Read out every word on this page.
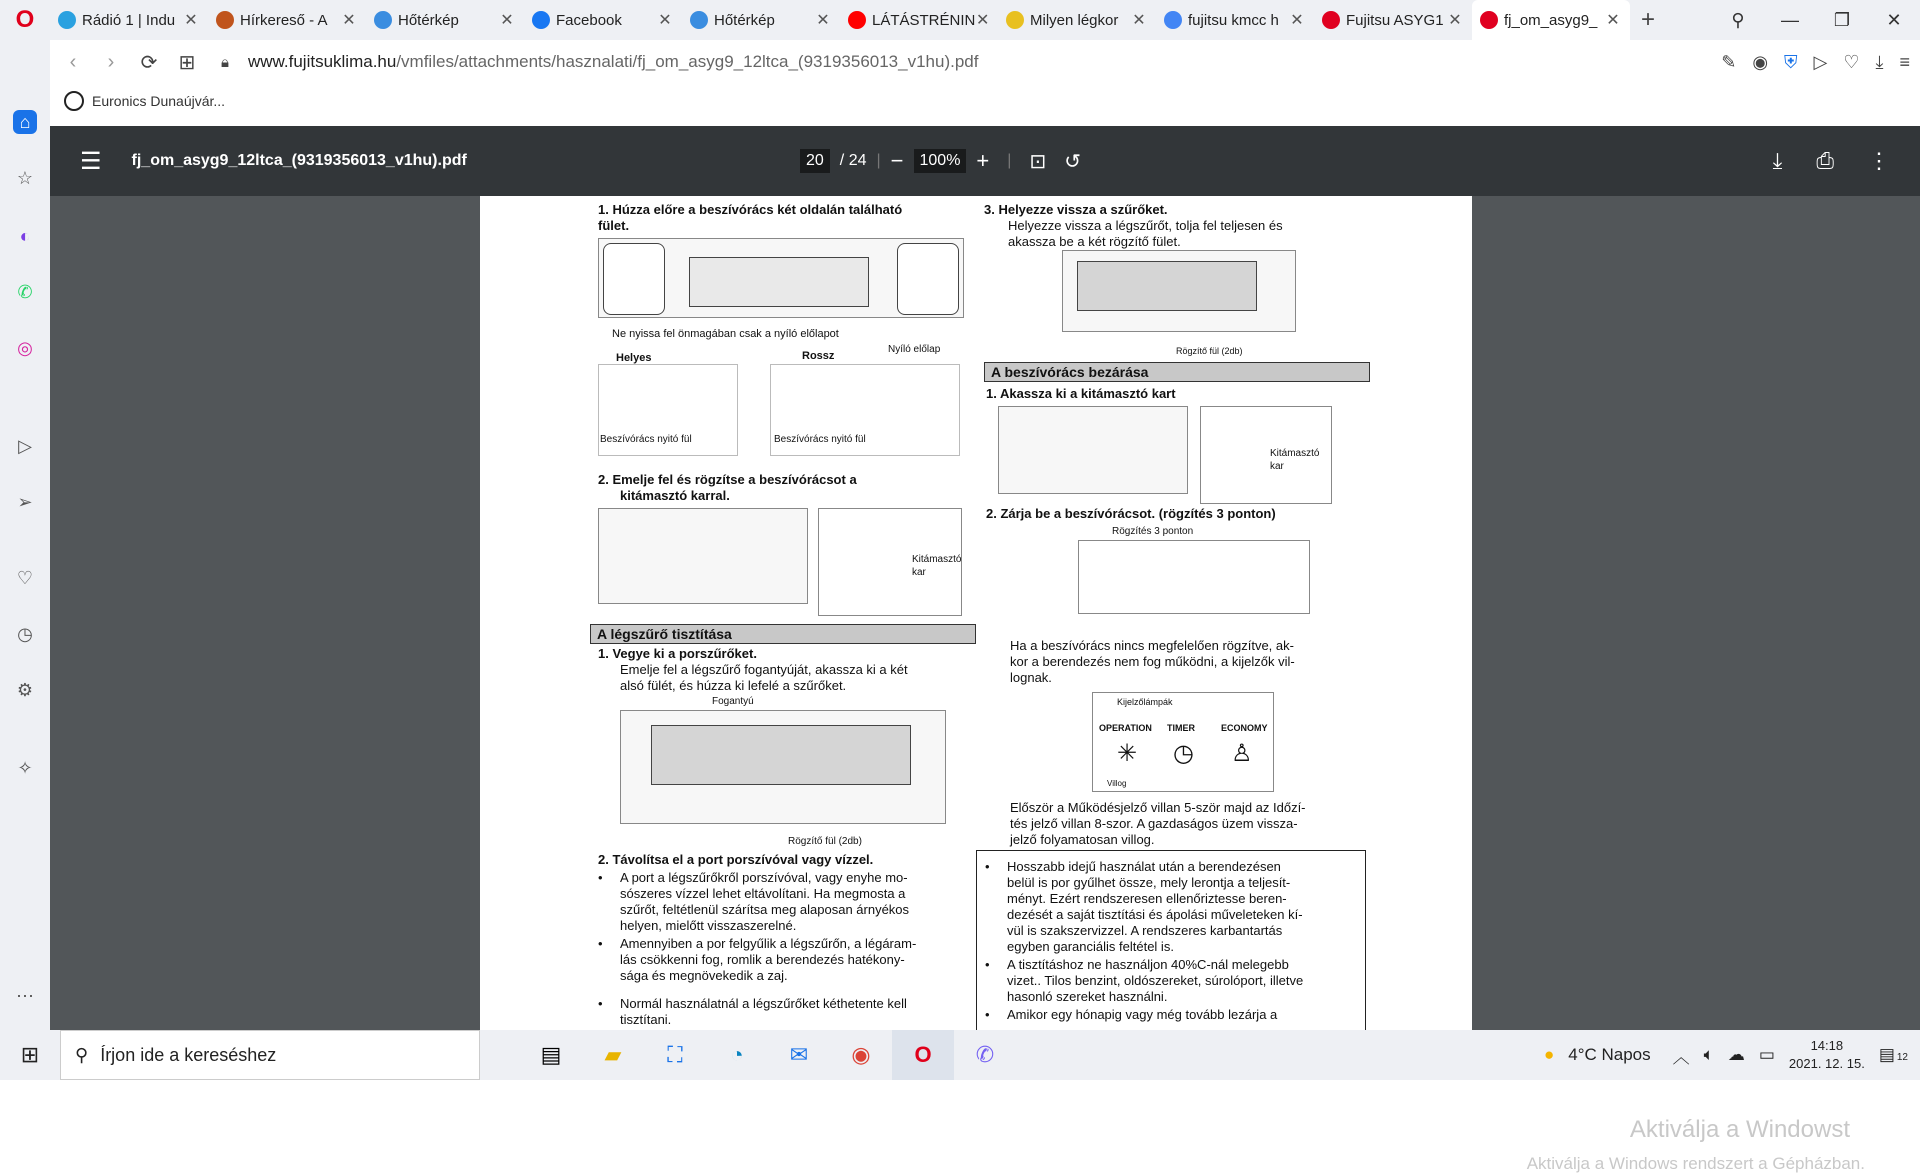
O	Rádió 1 | Indu ✕	Hírkereső - A ✕	Hőtérkép	✕	Facebook	✕	Hőtérkép	✕	LÁTÁSTRÉNIN ✕	Milyen légkor ✕	fujitsu kmcc h ✕	Fujitsu ASYG1 ✕	fj_om_asyg9_ ✕ +	⚲	—	❐	✕
‹	›	⟳	⊞	🔒︎	www.fujitsuklima.hu/vmfiles/attachments/hasznalati/fj_om_asyg9_12ltca_(9319356013_v1hu).pdf	✎ ◉ ⛨ ▷ ♡ ⤓ ≡
Euronics Dunaújvár...
⌂
☆
◐
✆
◎
▷
➢
♡
◷
⚙
✧
⋯
☰ fj_om_asyg9_12ltca_(9319356013_v1hu).pdf	20	/ 24 | −	100% + | ⊡ ↺	⤓ ⎙ ⋮
1. Húzza előre a beszívórács két oldalán található
fület.
Ne nyissa fel önmagában csak a nyíló előlapot
Helyes	Rossz
Nyíló előlap
Beszívórács nyitó fül	Beszívórács nyitó fül
2. Emelje fel és rögzítse a beszívórácsot a
kitámasztó karral.
Kitámasztó kar
A légszűrő tisztítása
1. Vegye ki a porszűrőket.
Emelje fel a légszűrő fogantyúját, akassza ki a két
alsó fülét, és húzza ki lefelé a szűrőket.
Fogantyú
Rögzítő fül (2db)
2. Távolítsa el a port porszívóval vagy vízzel.
• A port a légszűrőkről porszívóval, vagy enyhe mo-
sószeres vízzel lehet eltávolítani. Ha megmosta a
szűrőt, feltétlenül szárítsa meg alaposan árnyékos
helyen, mielőtt visszaszerelné.
• Amennyiben a por felgyűlik a légszűrőn, a légáram-
lás csökkenni fog, romlik a berendezés hatékony-
sága és megnövekedik a zaj.
• Normál használatnál a légszűrőket kéthetente kell
tisztítani.
3. Helyezze vissza a szűrőket.
Helyezze vissza a légszűrőt, tolja fel teljesen és
akassza be a két rögzítő fület.
Rögzítő fül (2db)
A beszívórács bezárása
1. Akassza ki a kitámasztó kart
Kitámasztó kar
2. Zárja be a beszívórácsot. (rögzítés 3 ponton)
Rögzítés 3 ponton
Ha a beszívórács nincs megfelelően rögzítve, ak-
kor a berendezés nem fog működni, a kijelzők vil-
lognak.
Kijelzőlámpák
OPERATION TIMER	ECONOMY
✳ ◷ ♙
Villog
Először a Működésjelző villan 5-ször majd az Időzí-
tés jelző villan 8-szor. A gazdaságos üzem vissza-
jelző folyamatosan villog.
• Hosszabb idejű használat után a berendezésen
belül is por gyűlhet össze, mely lerontja a teljesít-
ményt. Ezért rendszeresen ellenőriztesse beren-
dezését a saját tisztítási és ápolási műveleteken kí-
vül is szakszervizzel. A rendszeres karbantartás
egyben garanciális feltétel is.
• A tisztításhoz ne használjon 40%C-nál melegebb
vizet.. Tilos benzint, oldószereket, súrolóport, illetve
hasonló szereket használni.
• Amikor egy hónapig vagy még tovább lezárja a
Aktiválja a Windowst
Aktiválja a Windows rendszert a Gépházban.
⊞	⚲ Írjon ide a kereséshez	▤	▰	⛶	◔	✉	◉	O	✆	● 4°C Napos ︿ 🔈︎ ☁ ▭	14:18
2021. 12. 15. ▤ 12
